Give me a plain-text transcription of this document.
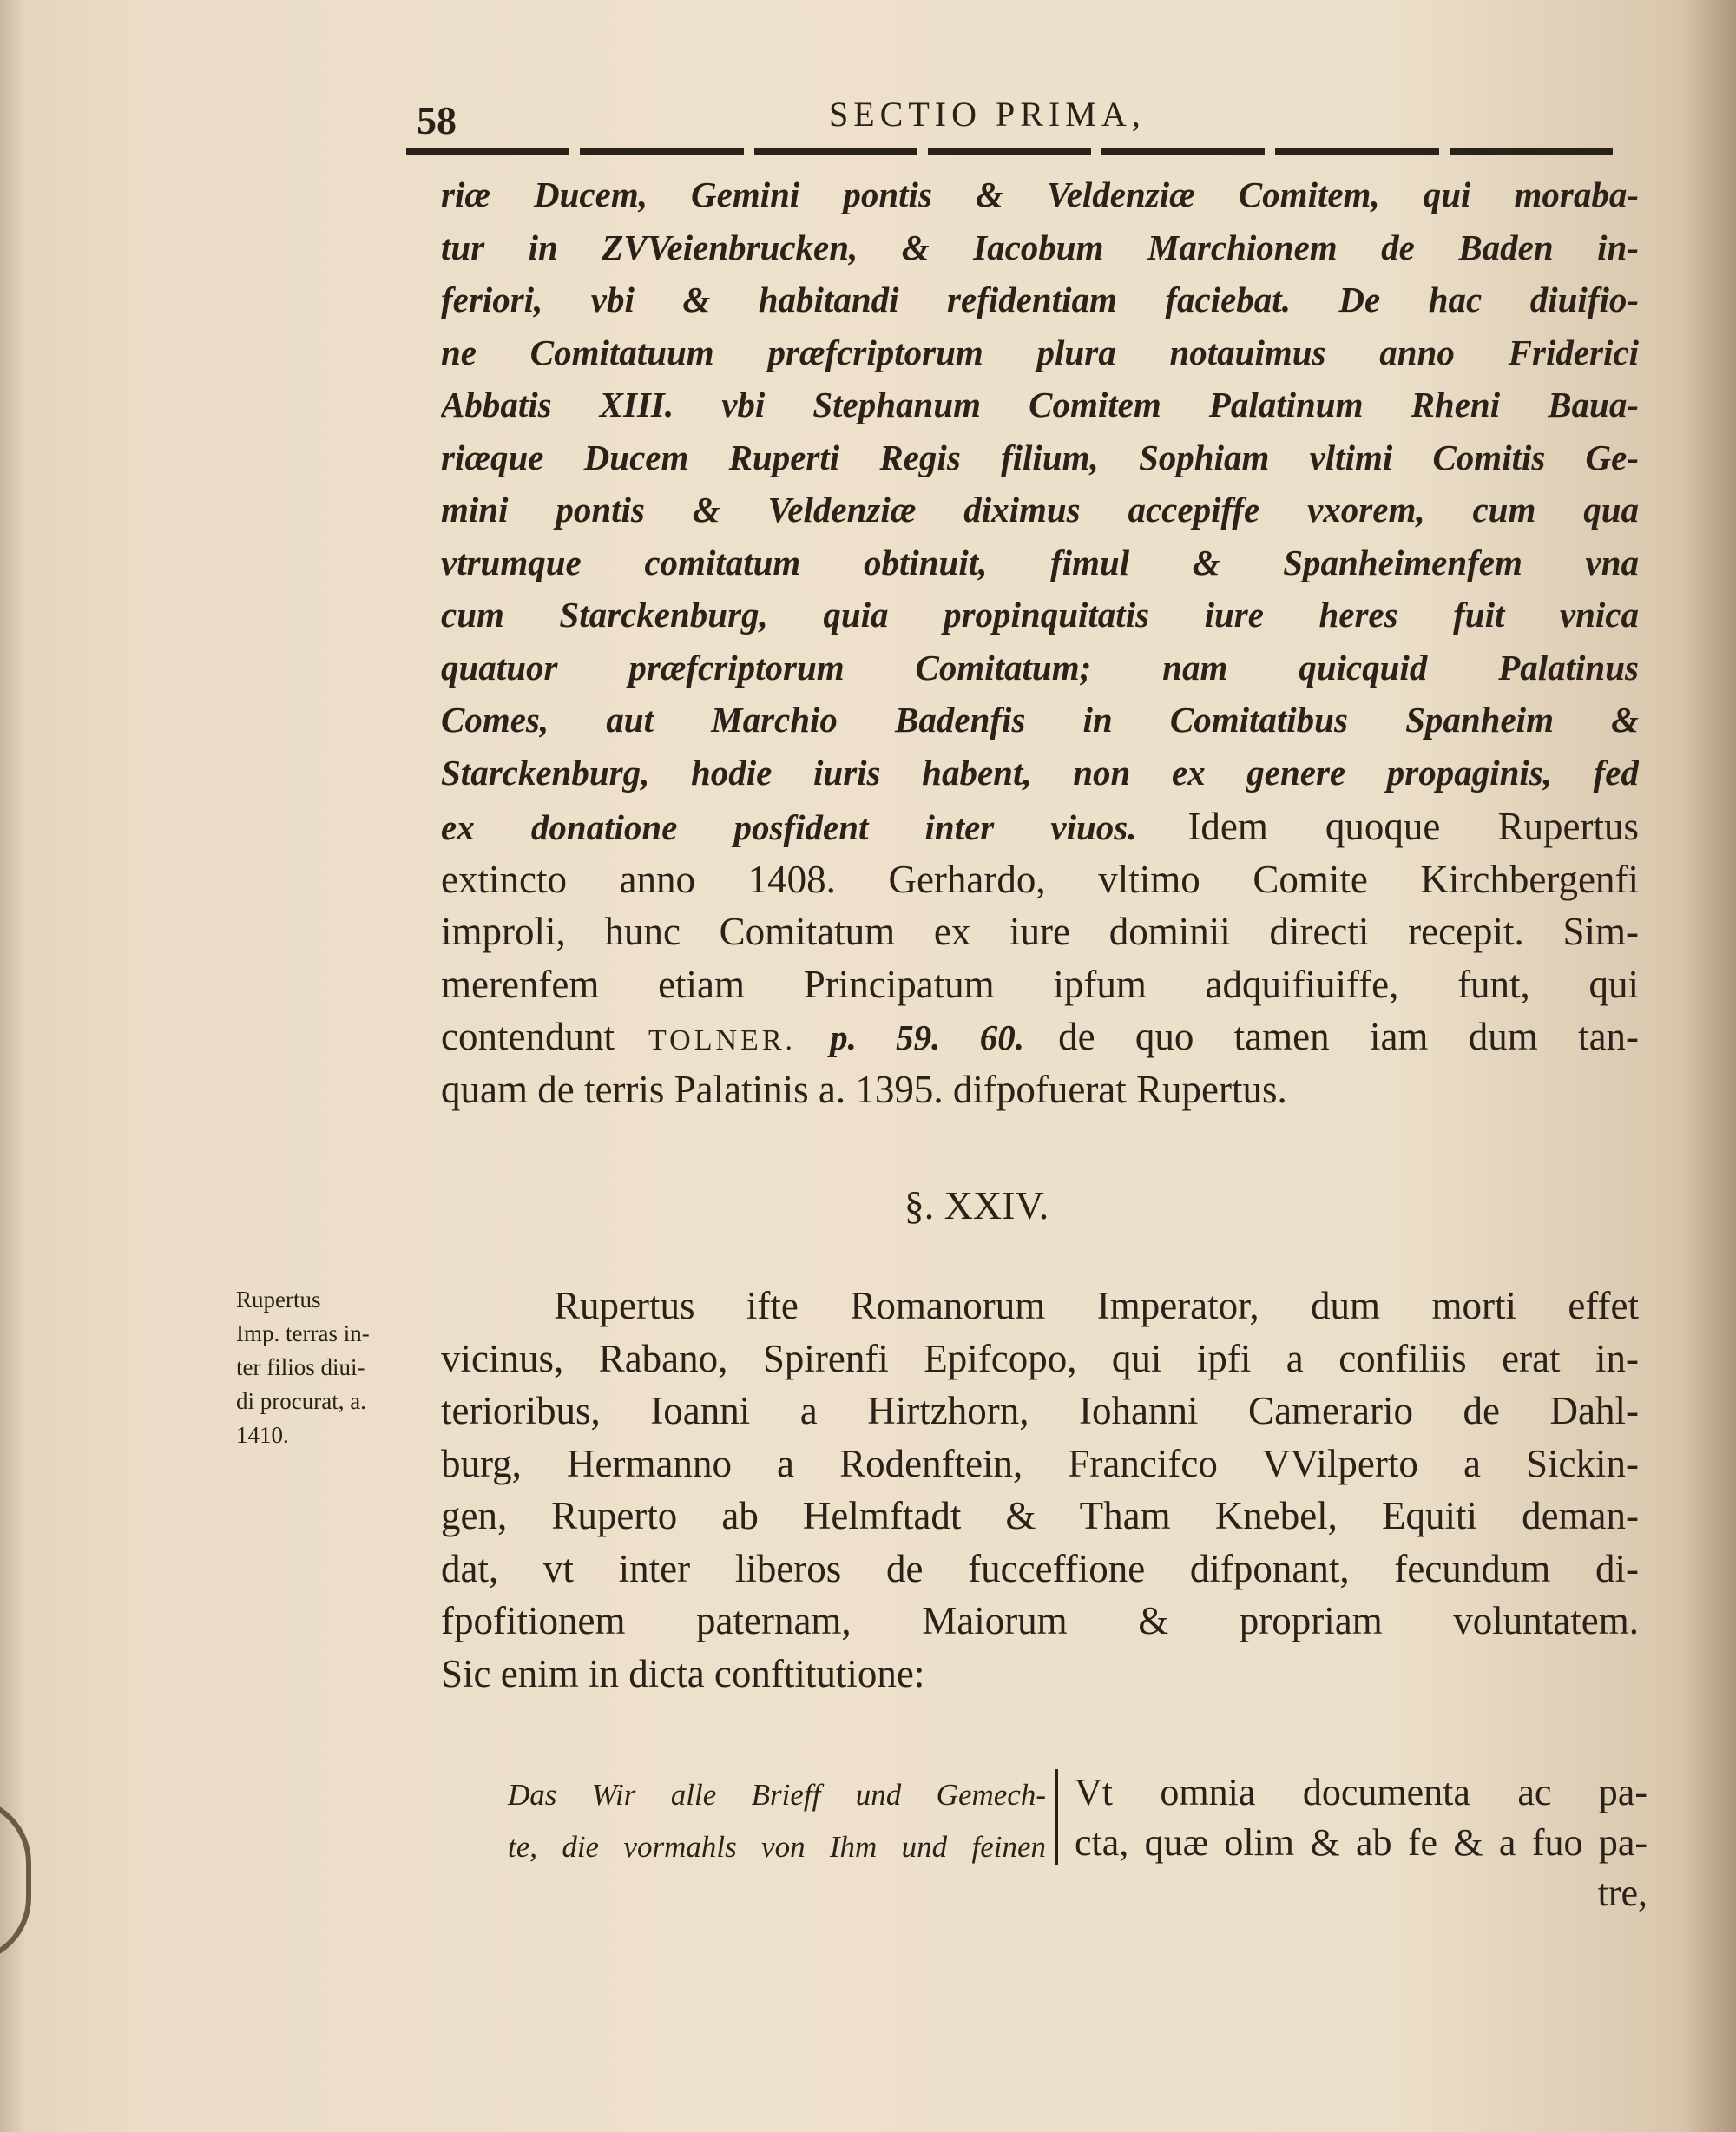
58	SECTIO PRIMA,
riæ Ducem, Gemini pontis & Veldenziæ Comitem, qui moraba-
tur in ZVVeienbrucken, & Iacobum Marchionem de Baden in-
feriori, vbi & habitandi refidentiam faciebat. De hac diuifio-
ne Comitatuum præfcriptorum plura notauimus anno Friderici
Abbatis XIII. vbi Stephanum Comitem Palatinum Rheni Baua-
riæque Ducem Ruperti Regis filium, Sophiam vltimi Comitis Ge-
mini pontis & Veldenziæ diximus accepiffe vxorem, cum qua
vtrumque comitatum obtinuit, fimul & Spanheimenfem vna
cum Starckenburg, quia propinquitatis iure heres fuit vnica
quatuor præfcriptorum Comitatum; nam quicquid Palatinus
Comes, aut Marchio Badenfis in Comitatibus Spanheim &
Starckenburg, hodie iuris habent, non ex genere propaginis, fed
ex donatione posfident inter viuos. Idem quoque Rupertus
extincto anno 1408. Gerhardo, vltimo Comite Kirchbergenfi
improli, hunc Comitatum ex iure dominii directi recepit. Sim-
merenfem etiam Principatum ipfum adquifiuiffe, funt, qui
contendunt TOLNER. p. 59. 60. de quo tamen iam dum tan-
quam de terris Palatinis a. 1395. difpofuerat Rupertus.
§. XXIV.
Rupertus
Imp. terras in-
ter filios diui-
di procurat, a.
1410.
Rupertus ifte Romanorum Imperator, dum morti effet
vicinus, Rabano, Spirenfi Epifcopo, qui ipfi a confiliis erat in-
terioribus, Ioanni a Hirtzhorn, Iohanni Camerario de Dahl-
burg, Hermanno a Rodenftein, Francifco VVilperto a Sickin-
gen, Ruperto ab Helmftadt & Tham Knebel, Equiti deman-
dat, vt inter liberos de fucceffione difponant, fecundum di-
fpofitionem paternam, Maiorum & propriam voluntatem.
Sic enim in dicta conftitutione:
Das Wir alle Brieff und Gemech-
te, die vormahls von Ihm und feinen
Vt omnia documenta ac pa-
cta, quæ olim & ab fe & a fuo pa-
tre,
